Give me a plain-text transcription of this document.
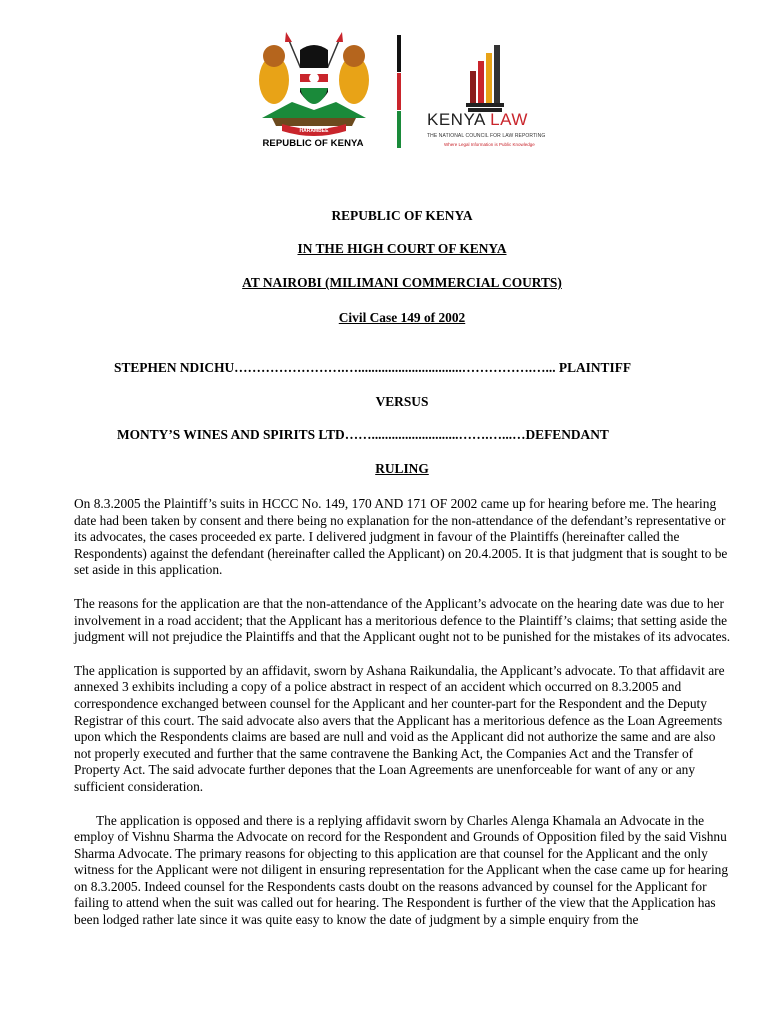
HARAMBEE
REPUBLIC OF KENYA
KENYA LAW
THE NATIONAL COUNCIL FOR LAW REPORTING
Where Legal Information is Public Knowledge
REPUBLIC OF KENYA
IN THE HIGH COURT OF KENYA
AT NAIROBI (MILIMANI COMMERCIAL COURTS)
Civil Case 149 of 2002
STEPHEN NDICHU…………………….…...............................…………….…... PLAINTIFF
VERSUS
MONTY’S WINES AND SPIRITS LTD……..........................…….…...…DEFENDANT
RULING

On 8.3.2005 the Plaintiff’s suits in HCCC No. 149, 170 AND 171 OF 2002 came up for hearing before me. The hearing date had been taken by consent and there being no explanation for the non-attendance of the defendant’s representative or its advocates, the cases proceeded ex parte. I delivered judgment in favour of the Plaintiffs (hereinafter called the Respondents) against the defendant (hereinafter called the Applicant) on 20.4.2005. It is that judgment that is sought to be set aside in this application.

The reasons for the application are that the non-attendance of the Applicant’s advocate on the hearing date was due to her involvement in a road accident; that the Applicant has a meritorious defence to the Plaintiff’s claims; that setting aside the judgment will not prejudice the Plaintiffs and that the Applicant ought not to be punished for the mistakes of its advocates.

The application is supported by an affidavit, sworn by Ashana Raikundalia, the Applicant’s advocate. To that affidavit are annexed 3 exhibits including a copy of a police abstract in respect of an accident which occurred on 8.3.2005 and correspondence exchanged between counsel for the Applicant and her counter-part for the Respondent and the Deputy Registrar of this court. The said advocate also avers that the Applicant has a meritorious defence as the Loan Agreements upon which the Respondents claims are based are null and void as the Applicant did not authorize the same and are also not properly executed and further that the same contravene the Banking Act, the Companies Act and the Transfer of Property Act. The said advocate further depones that the Loan Agreements are unenforceable for want of any or any sufficient consideration.

The application is opposed and there is a replying affidavit sworn by Charles Alenga Khamala an Advocate in the employ of Vishnu Sharma the Advocate on record for the Respondent and Grounds of Opposition filed by the said Vishnu Sharma Advocate. The primary reasons for objecting to this application are that counsel for the Applicant and the only witness for the Applicant were not diligent in ensuring representation for the Applicant when the case came up for hearing on 8.3.2005. Indeed counsel for the Respondents casts doubt on the reasons advanced by counsel for the Applicant for failing to attend when the suit was called out for hearing. The Respondent is further of the view that the Application has been lodged rather late since it was quite easy to know the date of judgment by a simple enquiry from the
